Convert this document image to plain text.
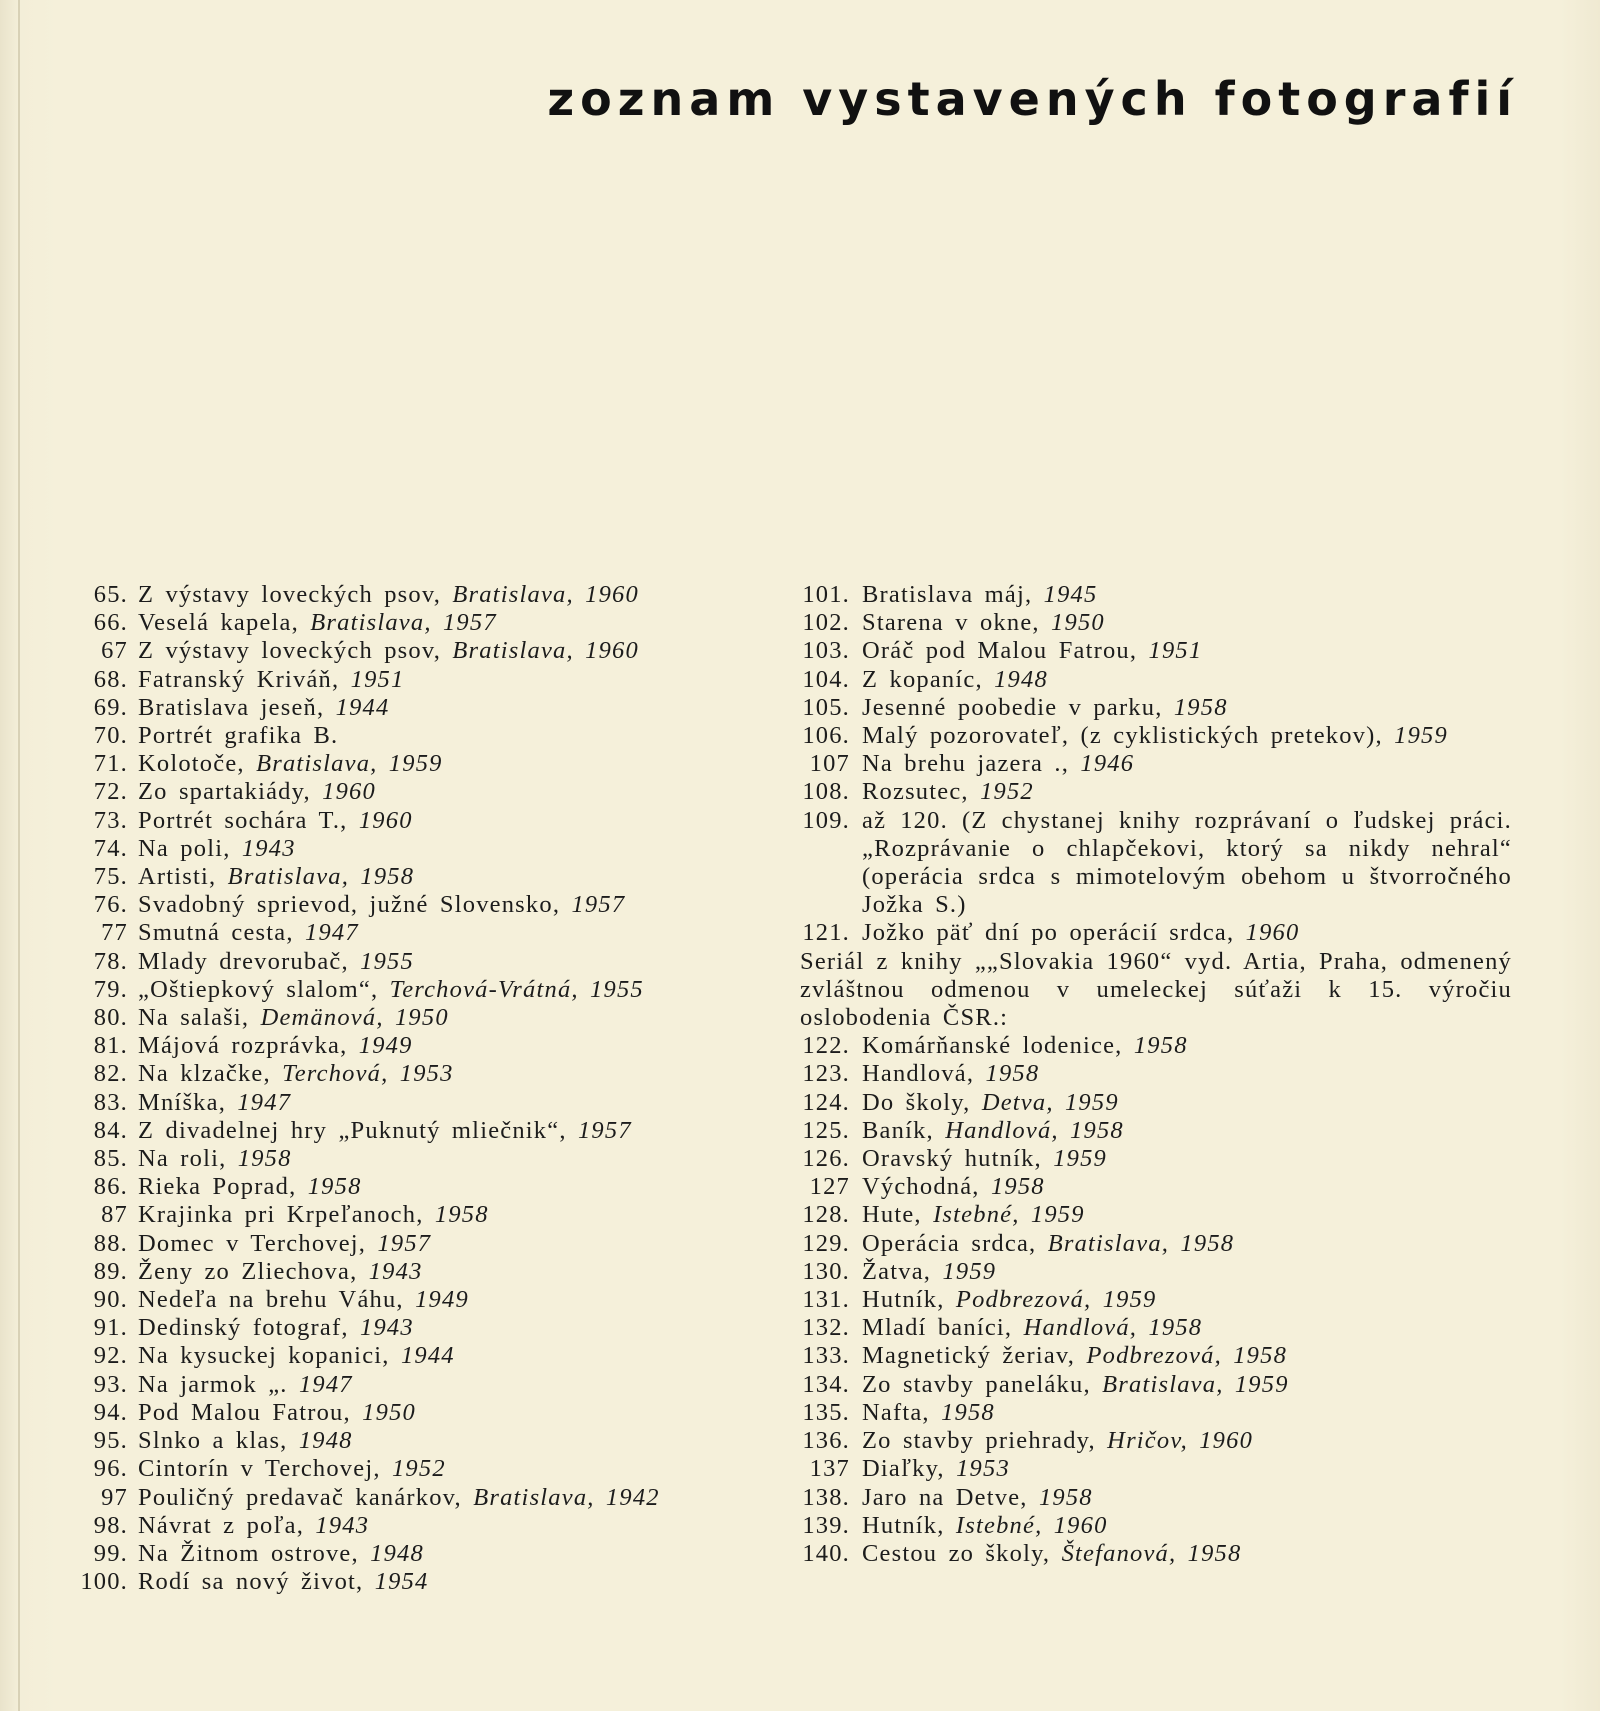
zoznam vystavených fotografií
65. Z výstavy loveckých psov, Bratislava, 1960
66. Veselá kapela, Bratislava, 1957
67 Z výstavy loveckých psov, Bratislava, 1960
68. Fatranský Kriváň, 1951
69. Bratislava jeseň, 1944
70. Portrét grafika B.
71. Kolotoče, Bratislava, 1959
72. Zo spartakiády, 1960
73. Portrét sochára T., 1960
74. Na poli, 1943
75. Artisti, Bratislava, 1958
76. Svadobný sprievod, južné Slovensko, 1957
77 Smutná cesta, 1947
78. Mlady drevorubač, 1955
79. „Oštiepkový slalom“, Terchová-Vrátná, 1955
80. Na salaši, Demänová, 1950
81. Májová rozprávka, 1949
82. Na klzačke, Terchová, 1953
83. Mníška, 1947
84. Z divadelnej hry „Puknutý mliečnik“, 1957
85. Na roli, 1958
86. Rieka Poprad, 1958
87 Krajinka pri Krpeľanoch, 1958
88. Domec v Terchovej, 1957
89. Ženy zo Zliechova, 1943
90. Nedeľa na brehu Váhu, 1949
91. Dedinský fotograf, 1943
92. Na kysuckej kopanici, 1944
93. Na jarmok „. 1947
94. Pod Malou Fatrou, 1950
95. Slnko a klas, 1948
96. Cintorín v Terchovej, 1952
97 Pouličný predavač kanárkov, Bratislava, 1942
98. Návrat z poľa, 1943
99. Na Žitnom ostrove, 1948
100. Rodí sa nový život, 1954
101. Bratislava máj, 1945
102. Starena v okne, 1950
103. Oráč pod Malou Fatrou, 1951
104. Z kopaníc, 1948
105. Jesenné poobedie v parku, 1958
106. Malý pozorovateľ, (z cyklistických pretekov), 1959
107 Na brehu jazera ., 1946
108. Rozsutec, 1952
109. až 120. (Z chystanej knihy rozprávaní o ľudskej práci. „Rozprávanie o chlapčekovi, ktorý sa nikdy nehral“ (operácia srdca s mimotelovým obehom u štvorročného Jožka S.)
121. Jožko päť dní po operácií srdca, 1960
Seriál z knihy „„Slovakia 1960“ vyd. Artia, Praha, odmenený zvláštnou odmenou v umeleckej súťaži k 15. výročiu oslobodenia ČSR.:
122. Komárňanské lodenice, 1958
123. Handlová, 1958
124. Do školy, Detva, 1959
125. Baník, Handlová, 1958
126. Oravský hutník, 1959
127 Východná, 1958
128. Hute, Istebné, 1959
129. Operácia srdca, Bratislava, 1958
130. Žatva, 1959
131. Hutník, Podbrezová, 1959
132. Mladí baníci, Handlová, 1958
133. Magnetický žeriav, Podbrezová, 1958
134. Zo stavby paneláku, Bratislava, 1959
135. Nafta, 1958
136. Zo stavby priehrady, Hričov, 1960
137 Diaľky, 1953
138. Jaro na Detve, 1958
139. Hutník, Istebné, 1960
140. Cestou zo školy, Štefanová, 1958
